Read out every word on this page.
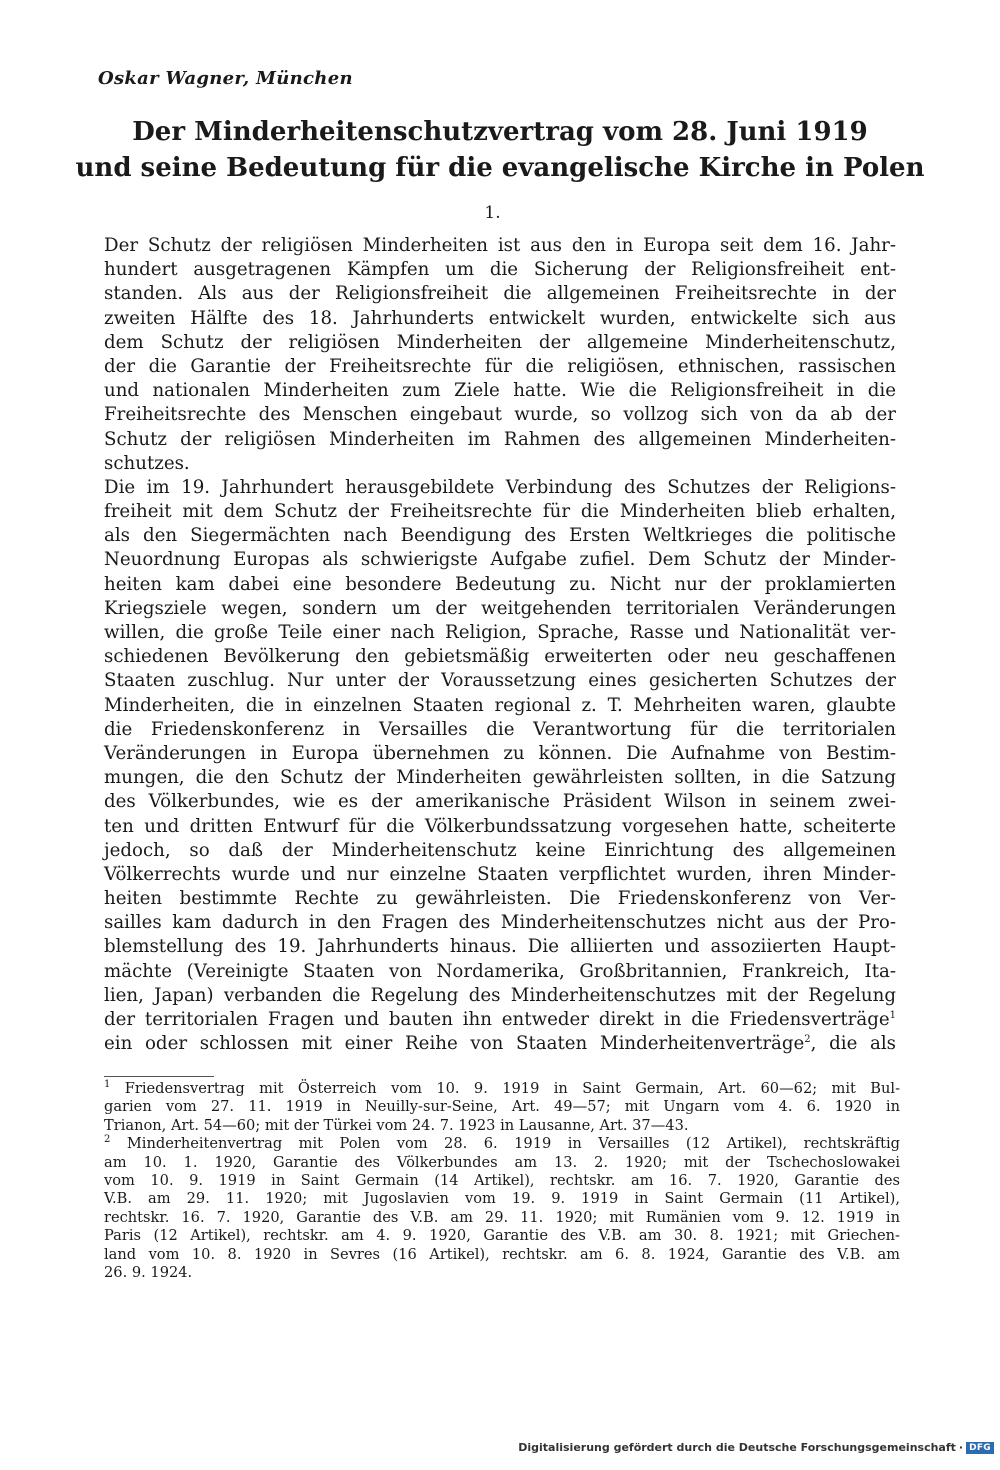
Oskar Wagner, München
Der Minderheitenschutzvertrag vom 28. Juni 1919
und seine Bedeutung für die evangelische Kirche in Polen
1.
Der Schutz der religiösen Minderheiten ist aus den in Europa seit dem 16. Jahr-
hundert ausgetragenen Kämpfen um die Sicherung der Religionsfreiheit ent-
standen. Als aus der Religionsfreiheit die allgemeinen Freiheitsrechte in der
zweiten Hälfte des 18. Jahrhunderts entwickelt wurden, entwickelte sich aus
dem Schutz der religiösen Minderheiten der allgemeine Minderheitenschutz,
der die Garantie der Freiheitsrechte für die religiösen, ethnischen, rassischen
und nationalen Minderheiten zum Ziele hatte. Wie die Religionsfreiheit in die
Freiheitsrechte des Menschen eingebaut wurde, so vollzog sich von da ab der
Schutz der religiösen Minderheiten im Rahmen des allgemeinen Minderheiten-
schutzes.
Die im 19. Jahrhundert herausgebildete Verbindung des Schutzes der Religions-
freiheit mit dem Schutz der Freiheitsrechte für die Minderheiten blieb erhalten,
als den Siegermächten nach Beendigung des Ersten Weltkrieges die politische
Neuordnung Europas als schwierigste Aufgabe zufiel. Dem Schutz der Minder-
heiten kam dabei eine besondere Bedeutung zu. Nicht nur der proklamierten
Kriegsziele wegen, sondern um der weitgehenden territorialen Veränderungen
willen, die große Teile einer nach Religion, Sprache, Rasse und Nationalität ver-
schiedenen Bevölkerung den gebietsmäßig erweiterten oder neu geschaffenen
Staaten zuschlug. Nur unter der Voraussetzung eines gesicherten Schutzes der
Minderheiten, die in einzelnen Staaten regional z. T. Mehrheiten waren, glaubte
die Friedenskonferenz in Versailles die Verantwortung für die territorialen
Veränderungen in Europa übernehmen zu können. Die Aufnahme von Bestim-
mungen, die den Schutz der Minderheiten gewährleisten sollten, in die Satzung
des Völkerbundes, wie es der amerikanische Präsident Wilson in seinem zwei-
ten und dritten Entwurf für die Völkerbundssatzung vorgesehen hatte, scheiterte
jedoch, so daß der Minderheitenschutz keine Einrichtung des allgemeinen
Völkerrechts wurde und nur einzelne Staaten verpflichtet wurden, ihren Minder-
heiten bestimmte Rechte zu gewährleisten. Die Friedenskonferenz von Ver-
sailles kam dadurch in den Fragen des Minderheitenschutzes nicht aus der Pro-
blemstellung des 19. Jahrhunderts hinaus. Die alliierten und assoziierten Haupt-
mächte (Vereinigte Staaten von Nordamerika, Großbritannien, Frankreich, Ita-
lien, Japan) verbanden die Regelung des Minderheitenschutzes mit der Regelung
der territorialen Fragen und bauten ihn entweder direkt in die Friedensverträge$^1$
ein oder schlossen mit einer Reihe von Staaten Minderheitenverträge$^2$, die als
$^1$ Friedensvertrag mit Österreich vom 10. 9. 1919 in Saint Germain, Art. 60—62; mit Bul-
garien vom 27. 11. 1919 in Neuilly-sur-Seine, Art. 49—57; mit Ungarn vom 4. 6. 1920 in
Trianon, Art. 54—60; mit der Türkei vom 24. 7. 1923 in Lausanne, Art. 37—43.
$^2$ Minderheitenvertrag mit Polen vom 28. 6. 1919 in Versailles (12 Artikel), rechtskräftig
am 10. 1. 1920, Garantie des Völkerbundes am 13. 2. 1920; mit der Tschechoslowakei
vom 10. 9. 1919 in Saint Germain (14 Artikel), rechtskr. am 16. 7. 1920, Garantie des
V.B. am 29. 11. 1920; mit Jugoslavien vom 19. 9. 1919 in Saint Germain (11 Artikel),
rechtskr. 16. 7. 1920, Garantie des V.B. am 29. 11. 1920; mit Rumänien vom 9. 12. 1919 in
Paris (12 Artikel), rechtskr. am 4. 9. 1920, Garantie des V.B. am 30. 8. 1921; mit Griechen-
land vom 10. 8. 1920 in Sevres (16 Artikel), rechtskr. am 6. 8. 1924, Garantie des V.B. am
26. 9. 1924.
Digitalisierung gefördert durch die Deutsche Forschungsgemeinschaft · DFG
